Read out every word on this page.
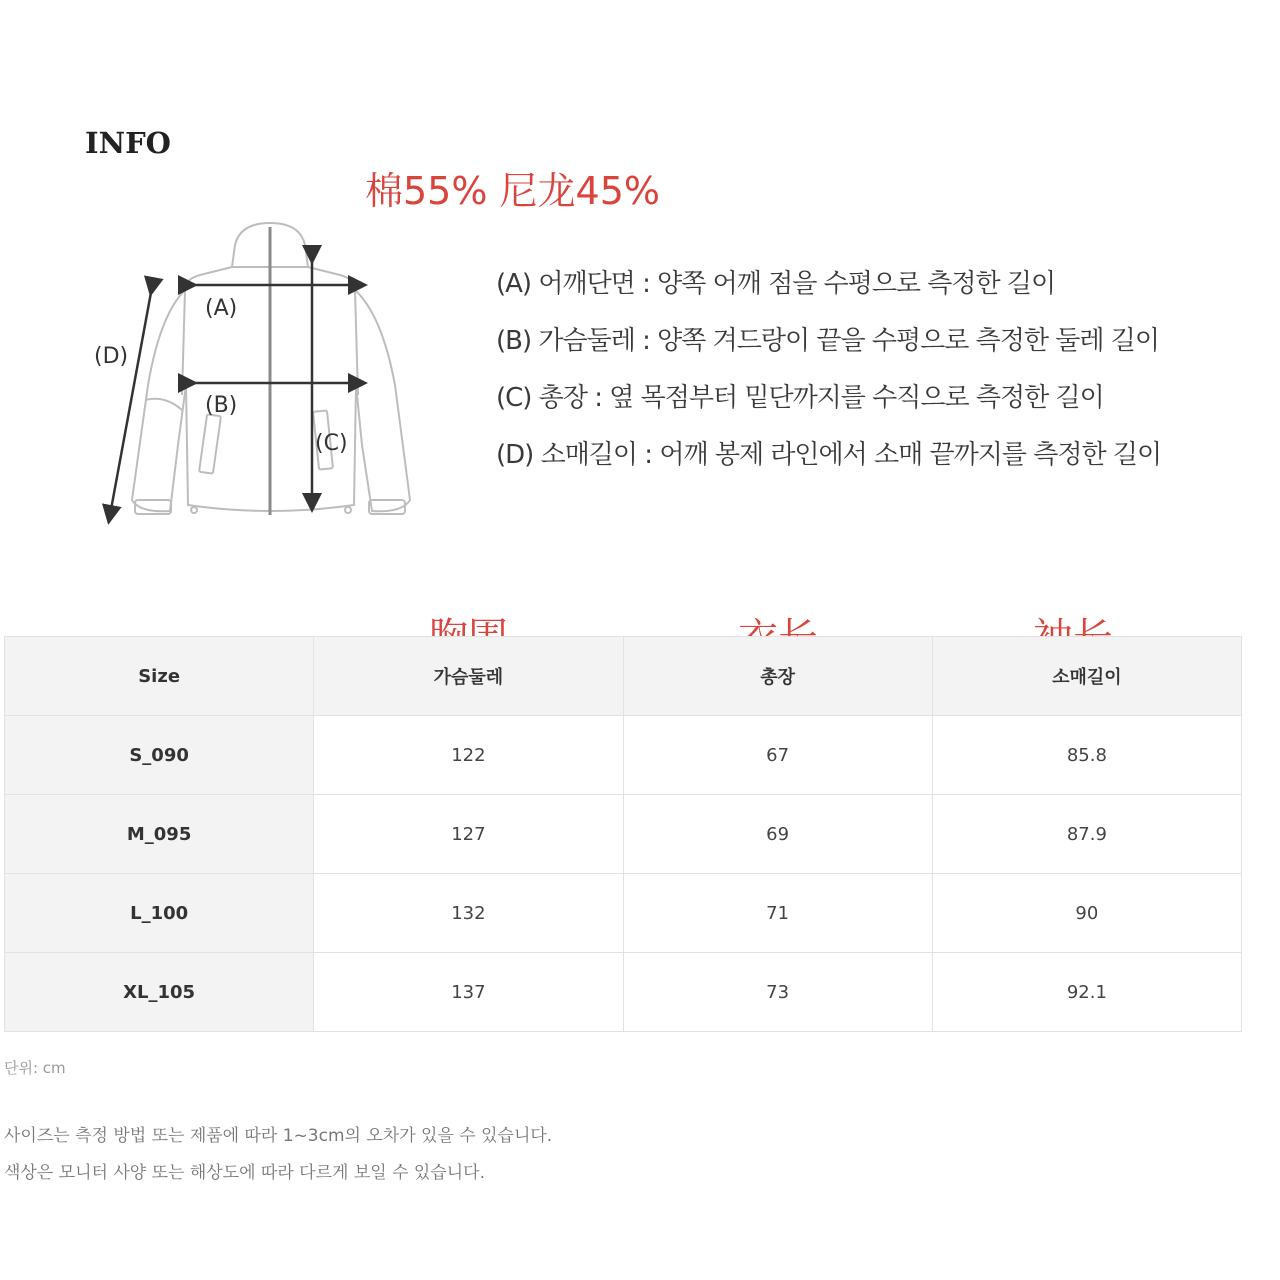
INFO
棉55% 尼龙45%
(A)
(B)
(C)
(D)
(A) 어깨단면 : 양쪽 어깨 점을 수평으로 측정한 길이
(B) 가슴둘레 : 양쪽 겨드랑이 끝을 수평으로 측정한 둘레 길이
(C) 총장 : 옆 목점부터 밑단까지를 수직으로 측정한 길이
(D) 소매길이 : 어깨 봉제 라인에서 소매 끝까지를 측정한 길이
Size	가슴둘레	총장	소매길이
S_090	122	67	85.8
M_095	127	69	87.9
L_100	132	71	90
XL_105	137	73	92.1
단위: cm
사이즈는 측정 방법 또는 제품에 따라 1~3cm의 오차가 있을 수 있습니다.
색상은 모니터 사양 또는 해상도에 따라 다르게 보일 수 있습니다.
